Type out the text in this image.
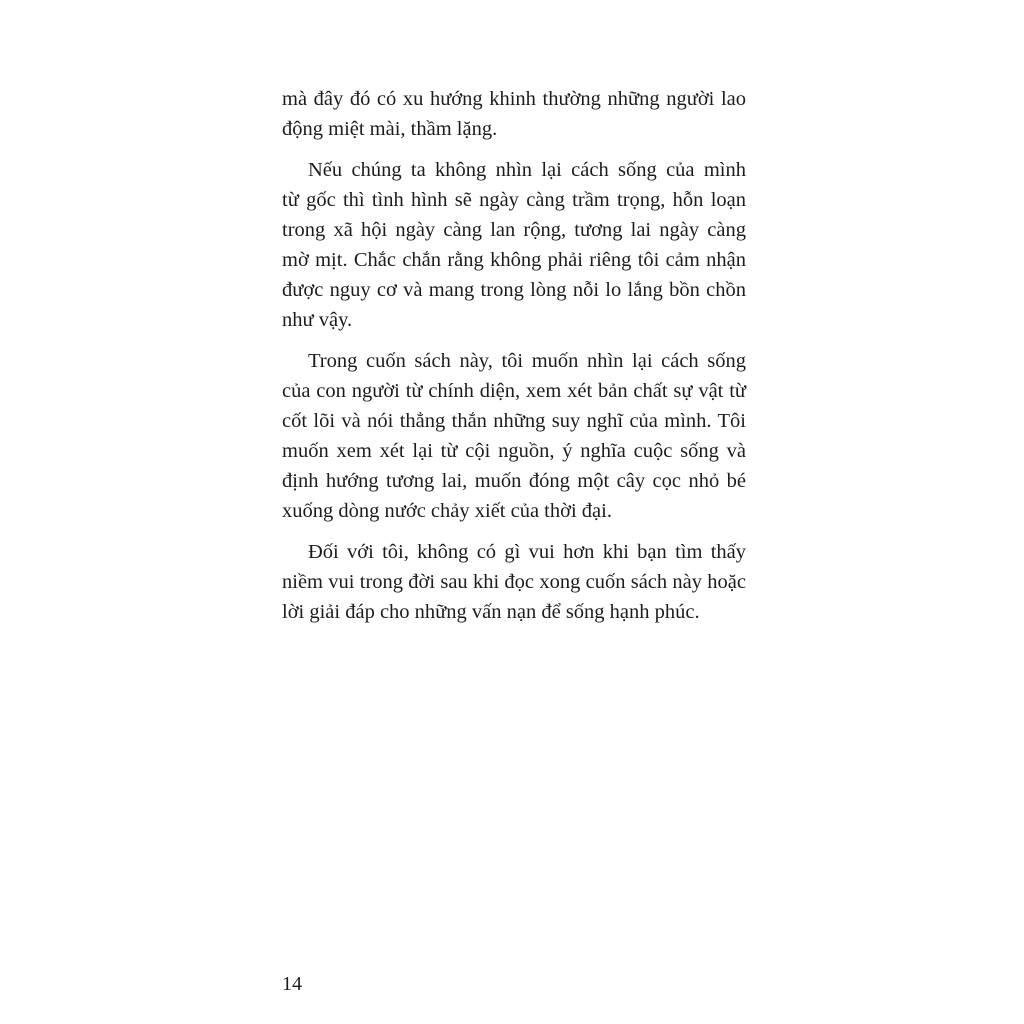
mà đây đó có xu hướng khinh thường những người lao
động miệt mài, thầm lặng.
Nếu chúng ta không nhìn lại cách sống của mình
từ gốc thì tình hình sẽ ngày càng trầm trọng, hỗn loạn
trong xã hội ngày càng lan rộng, tương lai ngày càng
mờ mịt. Chắc chắn rằng không phải riêng tôi cảm nhận
được nguy cơ và mang trong lòng nỗi lo lắng bồn chồn
như vậy.
Trong cuốn sách này, tôi muốn nhìn lại cách sống
của con người từ chính diện, xem xét bản chất sự vật từ
cốt lõi và nói thẳng thắn những suy nghĩ của mình. Tôi
muốn xem xét lại từ cội nguồn, ý nghĩa cuộc sống và
định hướng tương lai, muốn đóng một cây cọc nhỏ bé
xuống dòng nước chảy xiết của thời đại.
Đối với tôi, không có gì vui hơn khi bạn tìm thấy
niềm vui trong đời sau khi đọc xong cuốn sách này hoặc
lời giải đáp cho những vấn nạn để sống hạnh phúc.
14
